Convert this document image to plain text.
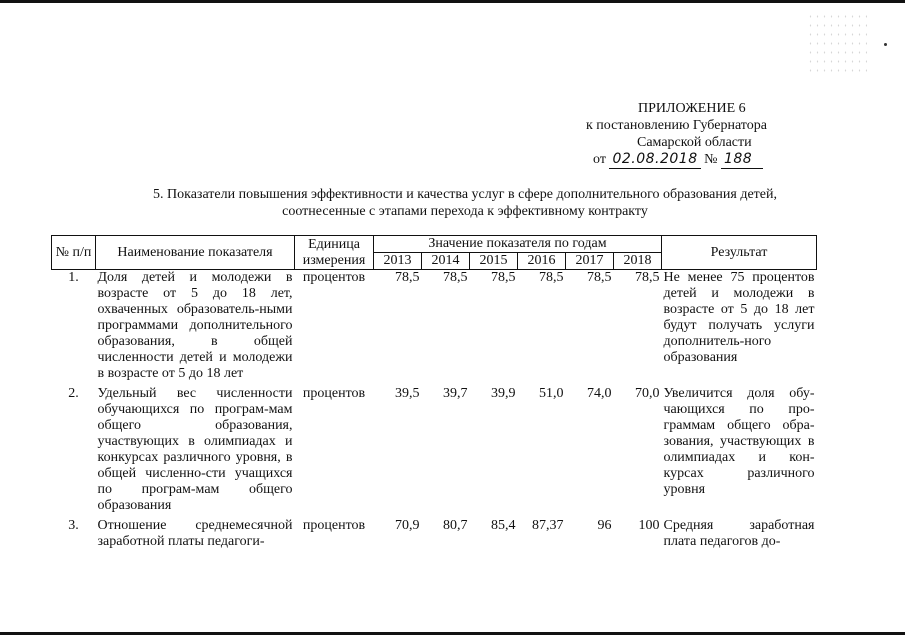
ПРИЛОЖЕНИЕ 6
к постановлению Губернатора
Самарской области
от 02.08.2018 № 188
5. Показатели повышения эффективности и качества услуг в сфере дополнительного образования детей,
соотнесенные с этапами перехода к эффективному контракту
№ п/п	Наименование показателя	Единица измерения	Значение показателя по годам						Результат
			2013	2014	2015	2016	2017	2018	
1.	Доля детей и молодежи в возрасте от 5 до 18 лет, охваченных образователь-ными программами дополнительного образования, в общей численности детей и молодежи в возрасте от 5 до 18 лет	процентов	78,5	78,5	78,5	78,5	78,5	78,5	Не менее 75 процентов детей и молодежи в возрасте от 5 до 18 лет будут получать услуги дополнитель-ного образования

2.	Удельный вес численности обучающихся по програм-мам общего образования, участвующих в олимпиадах и конкурсах различного уровня, в общей численно-сти учащихся по програм-мам общего образования	процентов	39,5	39,7	39,9	51,0	74,0	70,0	Увеличится доля обу-чающихся по про-граммам общего обра-зования, участвующих в олимпиадах и кон-курсах различного уровня

3.	Отношение среднемесячной заработной платы педагоги-	процентов	70,9	80,7	85,4	87,37	96	100	Средняя заработная плата педагогов до-
